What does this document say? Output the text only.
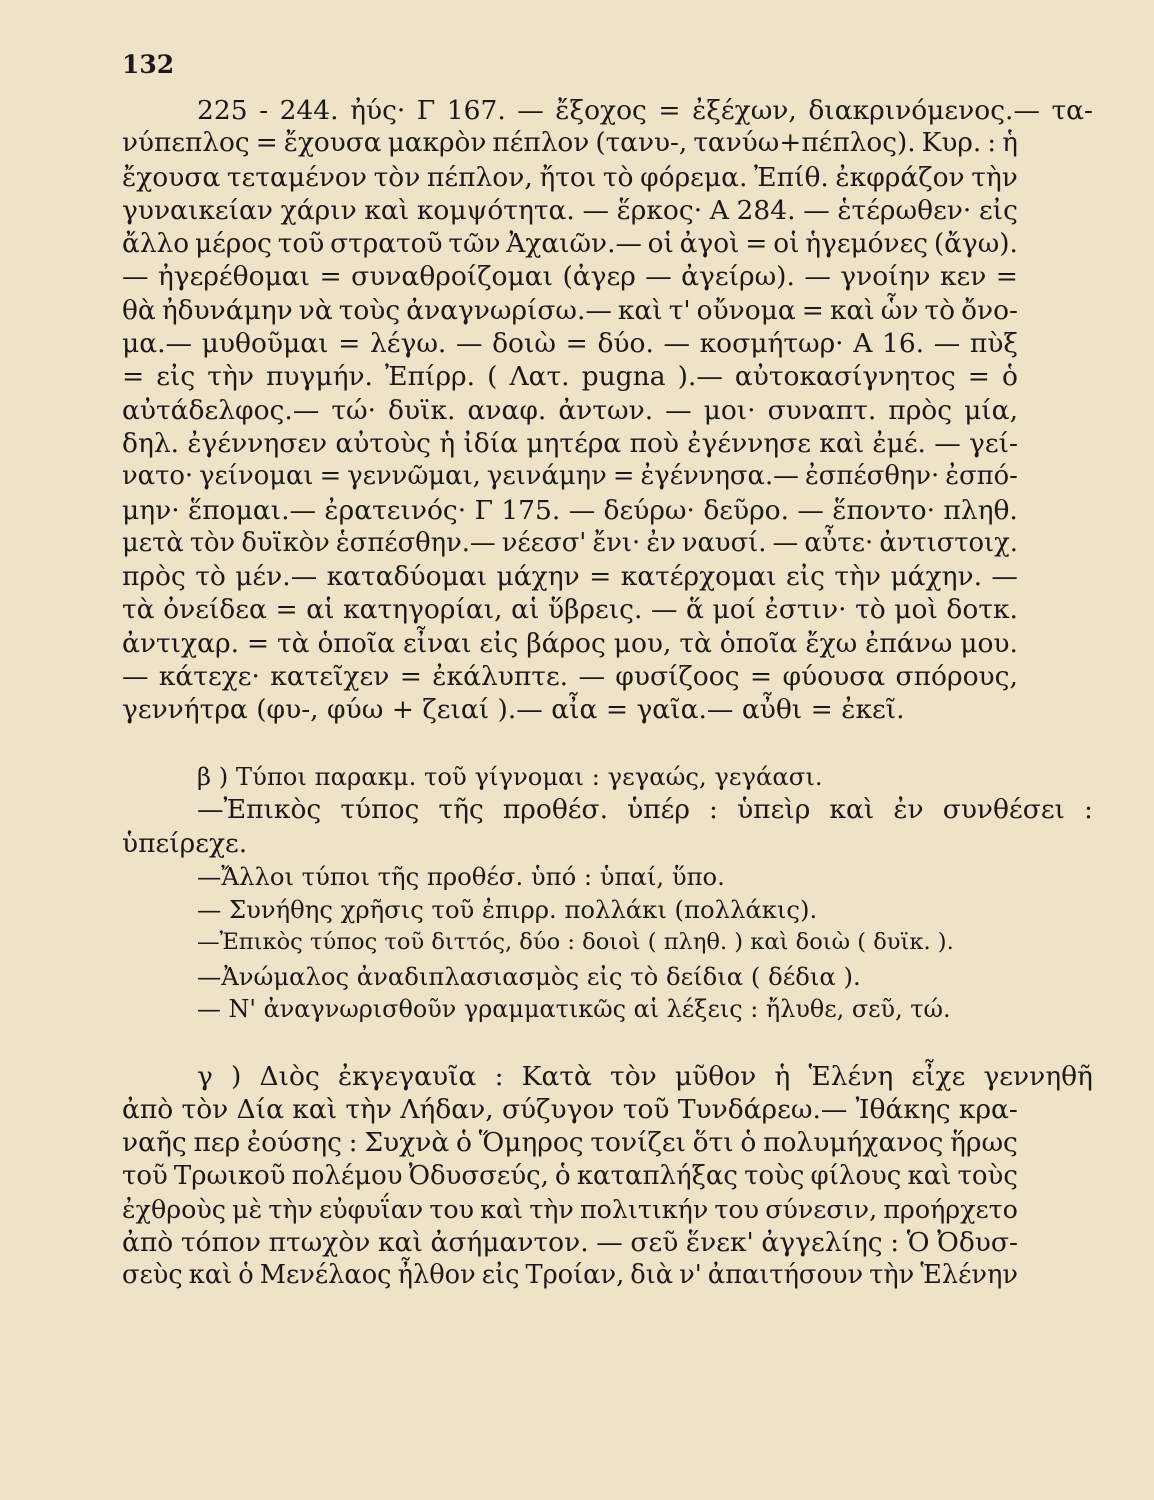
132
225 - 244. ἠύς· Γ 167. — ἔξοχος = ἐξέχων, διακρινόμενος.— τα-
νύπεπλος = ἔχουσα μακρὸν πέπλον (τανυ-, τανύω+πέπλος). Κυρ. : ἡ
ἔχουσα τεταμένον τὸν πέπλον, ἤτοι τὸ φόρεμα. Ἐπίθ. ἐκφράζον τὴν
γυναικείαν χάριν καὶ κομψότητα. — ἕρκος· Α 284. — ἑτέρωθεν· εἰς
ἄλλο μέρος τοῦ στρατοῦ τῶν Ἀχαιῶν.— οἱ ἀγοὶ = οἱ ἡγεμόνες (ἄγω).
— ἠγερέθομαι = συναθροίζομαι (ἀγερ — ἀγείρω). — γνοίην κεν =
θὰ ἠδυνάμην νὰ τοὺς ἀναγνωρίσω.— καὶ τ' οὔνομα = καὶ ὧν τὸ ὄνο-
μα.— μυθοῦμαι = λέγω. — δοιὼ = δύο. — κοσμήτωρ· Α 16. — πὺξ
= εἰς τὴν πυγμήν. Ἐπίρρ. ( Λατ. pugna ).— αὐτοκασίγνητος = ὁ
αὐτάδελφος.— τώ· δυϊκ. αναφ. ἀντων. — μοι· συναπτ. πρὸς μία,
δηλ. ἐγέννησεν αὐτοὺς ἡ ἰδία μητέρα ποὺ ἐγέννησε καὶ ἐμέ. — γεί-
νατο· γείνομαι = γεννῶμαι, γεινάμην = ἐγέννησα.— ἐσπέσθην· ἐσπό-
μην· ἕπομαι.— ἐρατεινός· Γ 175. — δεύρω· δεῦρο. — ἕποντο· πληθ.
μετὰ τὸν δυϊκὸν ἑσπέσθην.— νέεσσ' ἔνι· ἐν ναυσί. — αὖτε· ἀντιστοιχ.
πρὸς τὸ μέν.— καταδύομαι μάχην = κατέρχομαι εἰς τὴν μάχην. —
τὰ ὀνείδεα = αἱ κατηγορίαι, αἱ ὕβρεις. — ἅ μοί ἐστιν· τὸ μοὶ δοτκ.
ἀντιχαρ. = τὰ ὁποῖα εἶναι εἰς βάρος μου, τὰ ὁποῖα ἔχω ἐπάνω μου.
— κάτεχε· κατεῖχεν = ἐκάλυπτε. — φυσίζοος = φύουσα σπόρους,
γεννήτρα (φυ-, φύω + ζειαί ).— αἶα = γαῖα.— αὖθι = ἐκεῖ.
β ) Τύποι παρακμ. τοῦ γίγνομαι : γεγαώς, γεγάασι.
—Ἐπικὸς τύπος τῆς προθέσ. ὑπέρ : ὑπεὶρ καὶ ἐν συνθέσει :
ὑπείρεχε.
—Ἄλλοι τύποι τῆς προθέσ. ὑπό : ὑπαί, ὕπο.
— Συνήθης χρῆσις τοῦ ἐπιρρ. πολλάκι (πολλάκις).
—Ἐπικὸς τύπος τοῦ διττός, δύο : δοιοὶ ( πληθ. ) καὶ δοιὼ ( δυϊκ. ).
—Ἀνώμαλος ἀναδιπλασιασμὸς εἰς τὸ δείδια ( δέδια ).
— Ν' ἀναγνωρισθοῦν γραμματικῶς αἱ λέξεις : ἤλυθε, σεῦ, τώ.
γ ) Διὸς ἐκγεγαυῖα : Κατὰ τὸν μῦθον ἡ Ἑλένη εἶχε γεννηθῆ
ἀπὸ τὸν Δία καὶ τὴν Λήδαν, σύζυγον τοῦ Τυνδάρεω.— Ἰθάκης κρα-
ναῆς περ ἐούσης : Συχνὰ ὁ Ὅμηρος τονίζει ὅτι ὁ πολυμήχανος ἥρως
τοῦ Τρωικοῦ πολέμου Ὀδυσσεύς, ὁ καταπλήξας τοὺς φίλους καὶ τοὺς
ἐχθροὺς μὲ τὴν εὐφυΐαν του καὶ τὴν πολιτικήν του σύνεσιν, προήρχετο
ἀπὸ τόπον πτωχὸν καὶ ἀσήμαντον. — σεῦ ἕνεκ' ἀγγελίης : Ὁ Ὀδυσ-
σεὺς καὶ ὁ Μενέλαος ἦλθον εἰς Τροίαν, διὰ ν' ἀπαιτήσουν τὴν Ἑλένην
